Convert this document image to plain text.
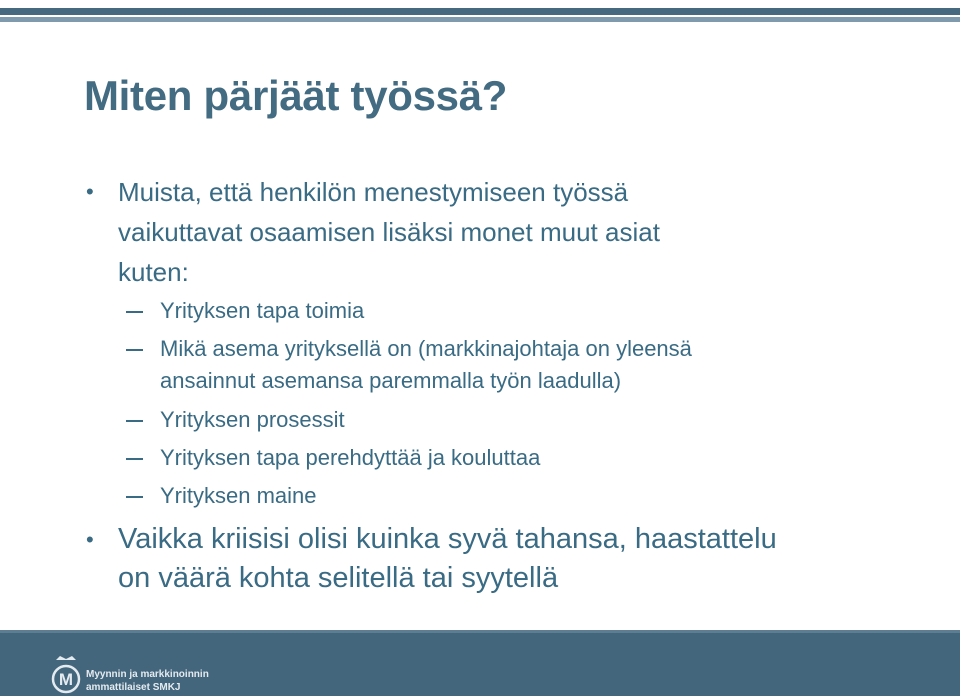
Miten pärjäät työssä?
• Muista, että henkilön menestymiseen työssä
vaikuttavat osaamisen lisäksi monet muut asiat
kuten:
Yrityksen tapa toimia
Mikä asema yrityksellä on (markkinajohtaja on yleensä
ansainnut asemansa paremmalla työn laadulla)
Yrityksen prosessit
Yrityksen tapa perehdyttää ja kouluttaa
Yrityksen maine
• Vaikka kriisisi olisi kuinka syvä tahansa, haastattelu
on väärä kohta selitellä tai syytellä
M Myynnin ja markkinoinnin
ammattilaiset SMKJ
